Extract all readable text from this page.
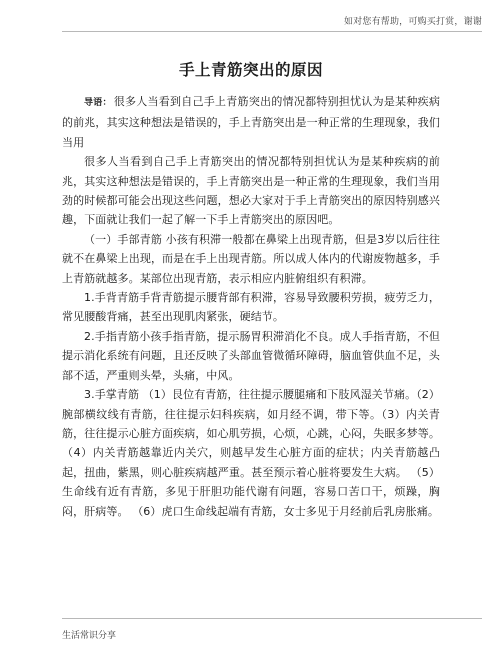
如对您有帮助，可购买打赏，谢谢
手上青筋突出的原因

导语： 很多人当看到自己手上青筋突出的情况都特别担忧认为是某种疾病的前兆，其实这种想法是错误的，手上青筋突出是一种正常的生理现象，我们当用

很多人当看到自己手上青筋突出的情况都特别担忧认为是某种疾病的前兆，其实这种想法是错误的，手上青筋突出是一种正常的生理现象，我们当用劲的时候都可能会出现这些问题，想必大家对于手上青筋突出的原因特别感兴趣，下面就让我们一起了解一下手上青筋突出的原因吧。

（一）手部青筋 小孩有积滞一般都在鼻梁上出现青筋，但是3岁以后往往就不在鼻梁上出现，而是在手上出现青筋。所以成人体内的代谢废物越多，手上青筋就越多。某部位出现青筋，表示相应内脏俯组织有积滞。

1.手背青筋手背青筋提示腰背部有积滞，容易导致腰积劳损，疲劳乏力，常见腰酸背痛，甚至出现肌肉紧张，硬结节。

2.手指青筋小孩手指青筋，提示肠胃积滞消化不良。成人手指青筋，不但提示消化系统有问题，且还反映了头部血管微循环障碍，脑血管供血不足，头部不适，严重则头晕，头痛，中风。

3.手掌青筋 （1）艮位有青筋，往往提示腰腿痛和下肢风湿关节痛。（2）腕部横纹线有青筋，往往提示妇科疾病，如月经不调，带下等。（3）内关青筋，往往提示心脏方面疾病，如心肌劳损，心烦，心跳，心闷，失眠多梦等。 （4）内关青筋越靠近内关穴，则越早发生心脏方面的症状；内关青筋越凸起，扭曲，紫黑，则心脏疾病越严重。甚至预示着心脏将要发生大病。 （5）生命线有近有青筋，多见于肝胆功能代谢有问题，容易口苦口干，烦躁，胸闷，肝病等。 （6）虎口生命线起端有青筋，女士多见于月经前后乳房胀痛。

生活常识分享
